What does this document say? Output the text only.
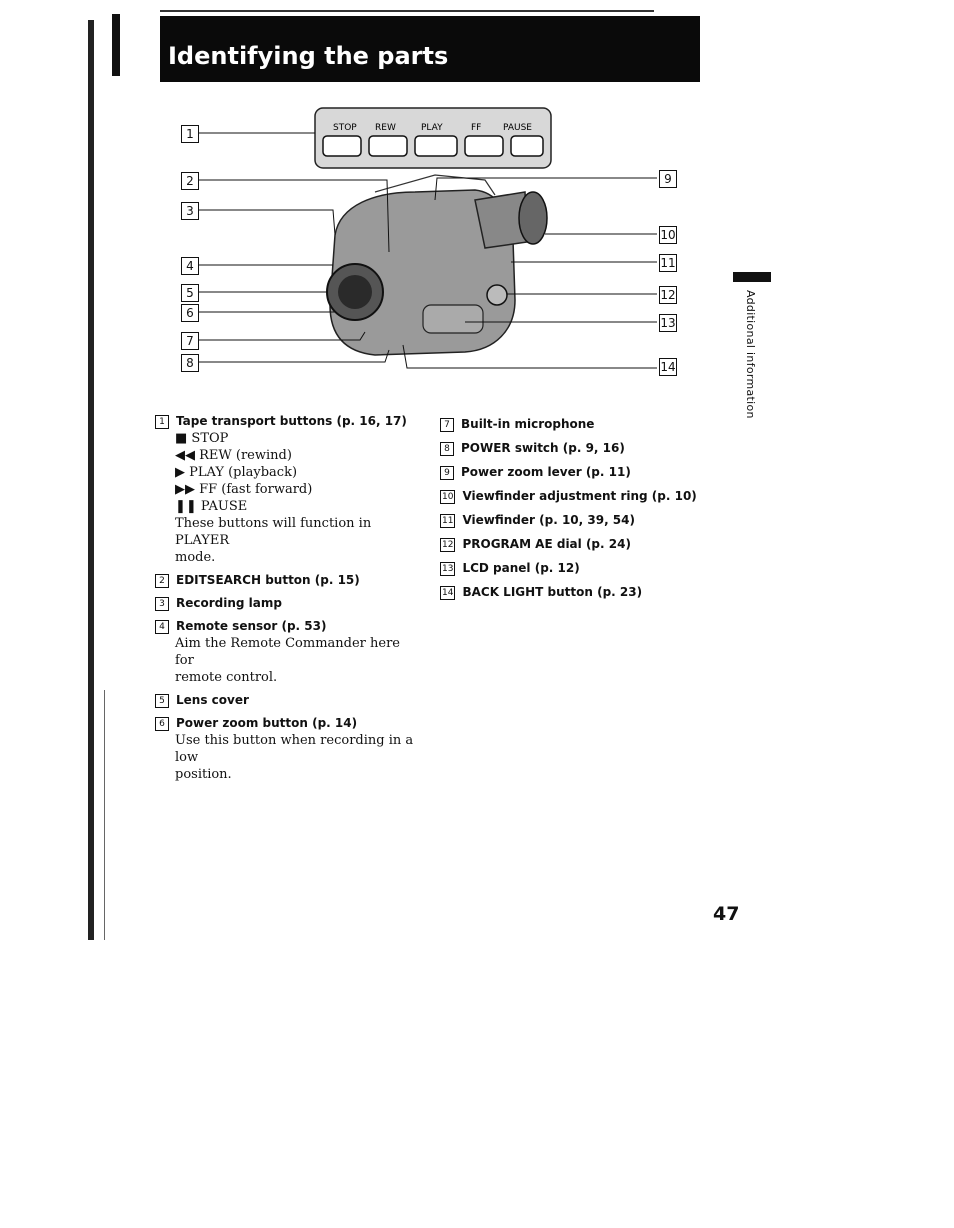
Identifying the parts
STOP REW	PLAY	FF PAUSE
1
2
3
4
5
6
7
8
9
10
11
12
13
14	Additional information
1 Tape transport buttons (p. 16, 17)
■ STOP
◀◀ REW (rewind)
▶ PLAY (playback)
▶▶ FF (fast forward)
❚❚ PAUSE
These buttons will function in PLAYER
mode.
2 EDITSEARCH button (p. 15)
3 Recording lamp
4 Remote sensor (p. 53)
Aim the Remote Commander here for
remote control.
5 Lens cover
6 Power zoom button (p. 14)
Use this button when recording in a low
position.
7 Built-in microphone
8 POWER switch (p. 9, 16)
9 Power zoom lever (p. 11)
10 Viewfinder adjustment ring (p. 10)
11 Viewfinder (p. 10, 39, 54)
12 PROGRAM AE dial (p. 24)
13 LCD panel (p. 12)
14 BACK LIGHT button (p. 23)
47
